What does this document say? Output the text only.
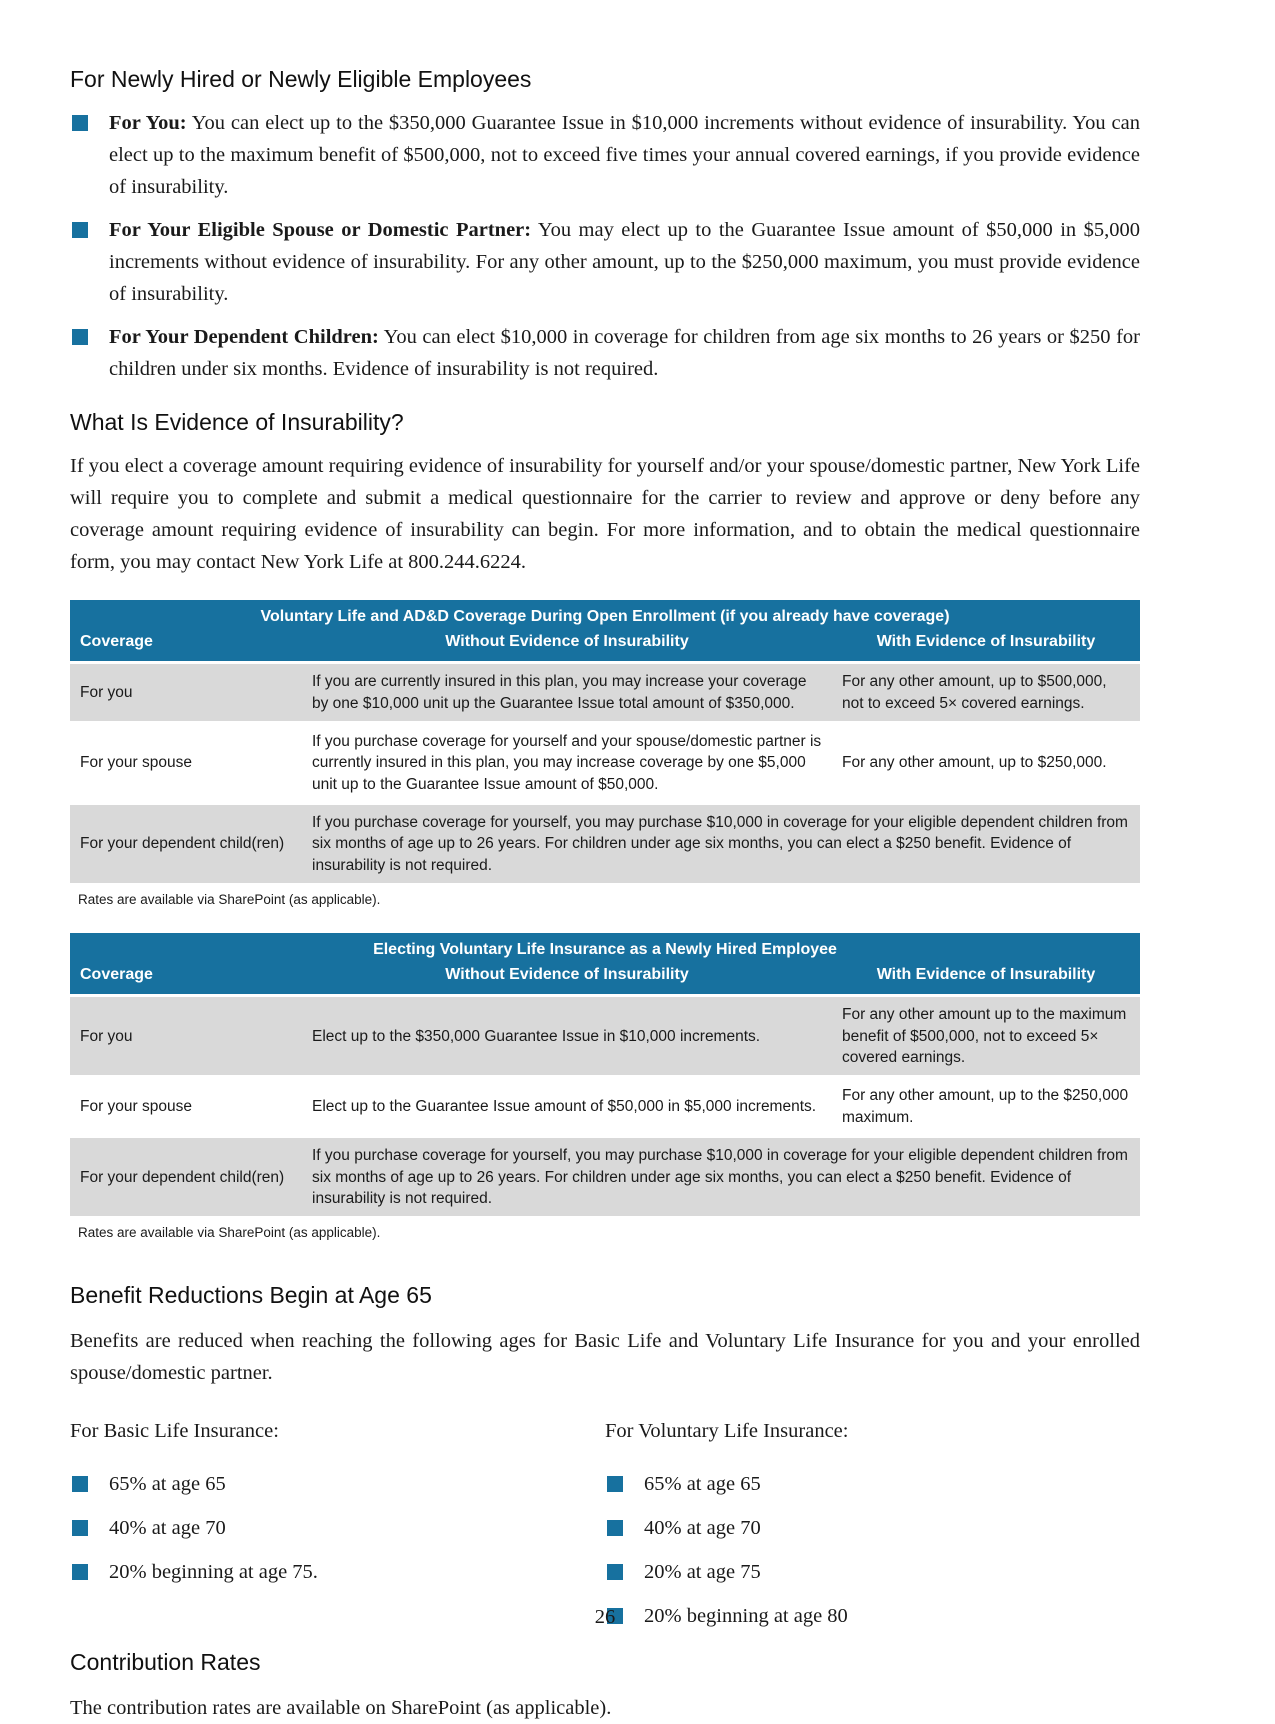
For Newly Hired or Newly Eligible Employees
For You: You can elect up to the $350,000 Guarantee Issue in $10,000 increments without evidence of insurability. You can elect up to the maximum benefit of $500,000, not to exceed five times your annual covered earnings, if you provide evidence of insurability.
For Your Eligible Spouse or Domestic Partner: You may elect up to the Guarantee Issue amount of $50,000 in $5,000 increments without evidence of insurability. For any other amount, up to the $250,000 maximum, you must provide evidence of insurability.
For Your Dependent Children: You can elect $10,000 in coverage for children from age six months to 26 years or $250 for children under six months. Evidence of insurability is not required.
What Is Evidence of Insurability?

If you elect a coverage amount requiring evidence of insurability for yourself and/or your spouse/domestic partner, New York Life will require you to complete and submit a medical questionnaire for the carrier to review and approve or deny before any coverage amount requiring evidence of insurability can begin. For more information, and to obtain the medical questionnaire form, you may contact New York Life at 800.244.6224.

Voluntary Life and AD&D Coverage During Open Enrollment (if you already have coverage)		
Coverage	Without Evidence of Insurability	With Evidence of Insurability
For you	If you are currently insured in this plan, you may increase your coverage by one $10,000 unit up the Guarantee Issue total amount of $350,000.	For any other amount, up to $500,000, not to exceed 5× covered earnings.
For your spouse	If you purchase coverage for yourself and your spouse/domestic partner is currently insured in this plan, you may increase coverage by one $5,000 unit up to the Guarantee Issue amount of $50,000.	For any other amount, up to $250,000.
For your dependent child(ren)	If you purchase coverage for yourself, you may purchase $10,000 in coverage for your eligible dependent children from six months of age up to 26 years. For children under age six months, you can elect a $250 benefit. Evidence of insurability is not required.	

Rates are available via SharePoint (as applicable).

Electing Voluntary Life Insurance as a Newly Hired Employee		
Coverage	Without Evidence of Insurability	With Evidence of Insurability
For you	Elect up to the $350,000 Guarantee Issue in $10,000 increments.	For any other amount up to the maximum benefit of $500,000, not to exceed 5× covered earnings.
For your spouse	Elect up to the Guarantee Issue amount of $50,000 in $5,000 increments.	For any other amount, up to the $250,000 maximum.
For your dependent child(ren)	If you purchase coverage for yourself, you may purchase $10,000 in coverage for your eligible dependent children from six months of age up to 26 years. For children under age six months, you can elect a $250 benefit. Evidence of insurability is not required.	

Rates are available via SharePoint (as applicable).

Benefit Reductions Begin at Age 65

Benefits are reduced when reaching the following ages for Basic Life and Voluntary Life Insurance for you and your enrolled spouse/domestic partner.

For Basic Life Insurance:
65% at age 65
40% at age 70
20% beginning at age 75.
For Voluntary Life Insurance:
65% at age 65
40% at age 70
20% at age 75
20% beginning at age 80
Contribution Rates

The contribution rates are available on SharePoint (as applicable).

26
